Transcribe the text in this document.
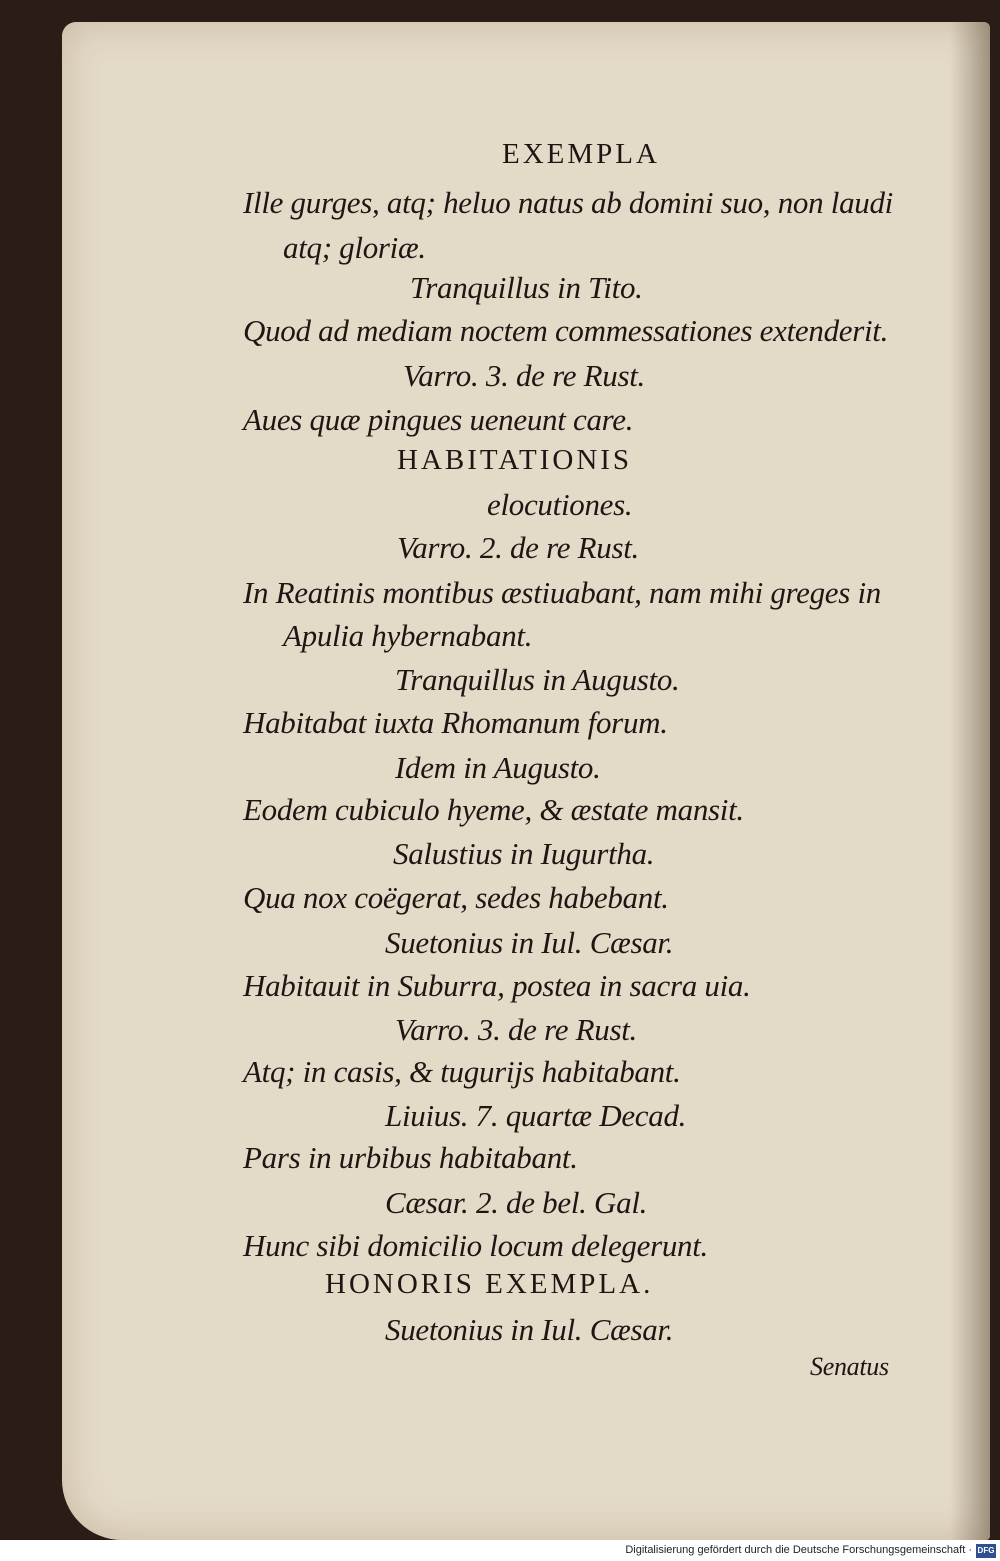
EXEMPLA
Ille gurges, atq; heluo natus ab domini suo, non laudi
atq; gloriæ.
Tranquillus in Tito.
Quod ad mediam noctem commessationes extenderit.
Varro. 3. de re Rust.
Aues quæ pingues ueneunt care.
HABITATIONIS
elocutiones.
Varro. 2. de re Rust.
In Reatinis montibus æstiuabant, nam mihi greges in
Apulia hybernabant.
Tranquillus in Augusto.
Habitabat iuxta Rhomanum forum.
Idem in Augusto.
Eodem cubiculo hyeme, & æstate mansit.
Salustius in Iugurtha.
Qua nox coëgerat, sedes habebant.
Suetonius in Iul. Cæsar.
Habitauit in Suburra, postea in sacra uia.
Varro. 3. de re Rust.
Atq; in casis, & tugurijs habitabant.
Liuius. 7. quartæ Decad.
Pars in urbibus habitabant.
Cæsar. 2. de bel. Gal.
Hunc sibi domicilio locum delegerunt.
HONORIS EXEMPLA.
Suetonius in Iul. Cæsar.
Senatus
Digitalisierung gefördert durch die Deutsche Forschungsgemeinschaft · DFG
